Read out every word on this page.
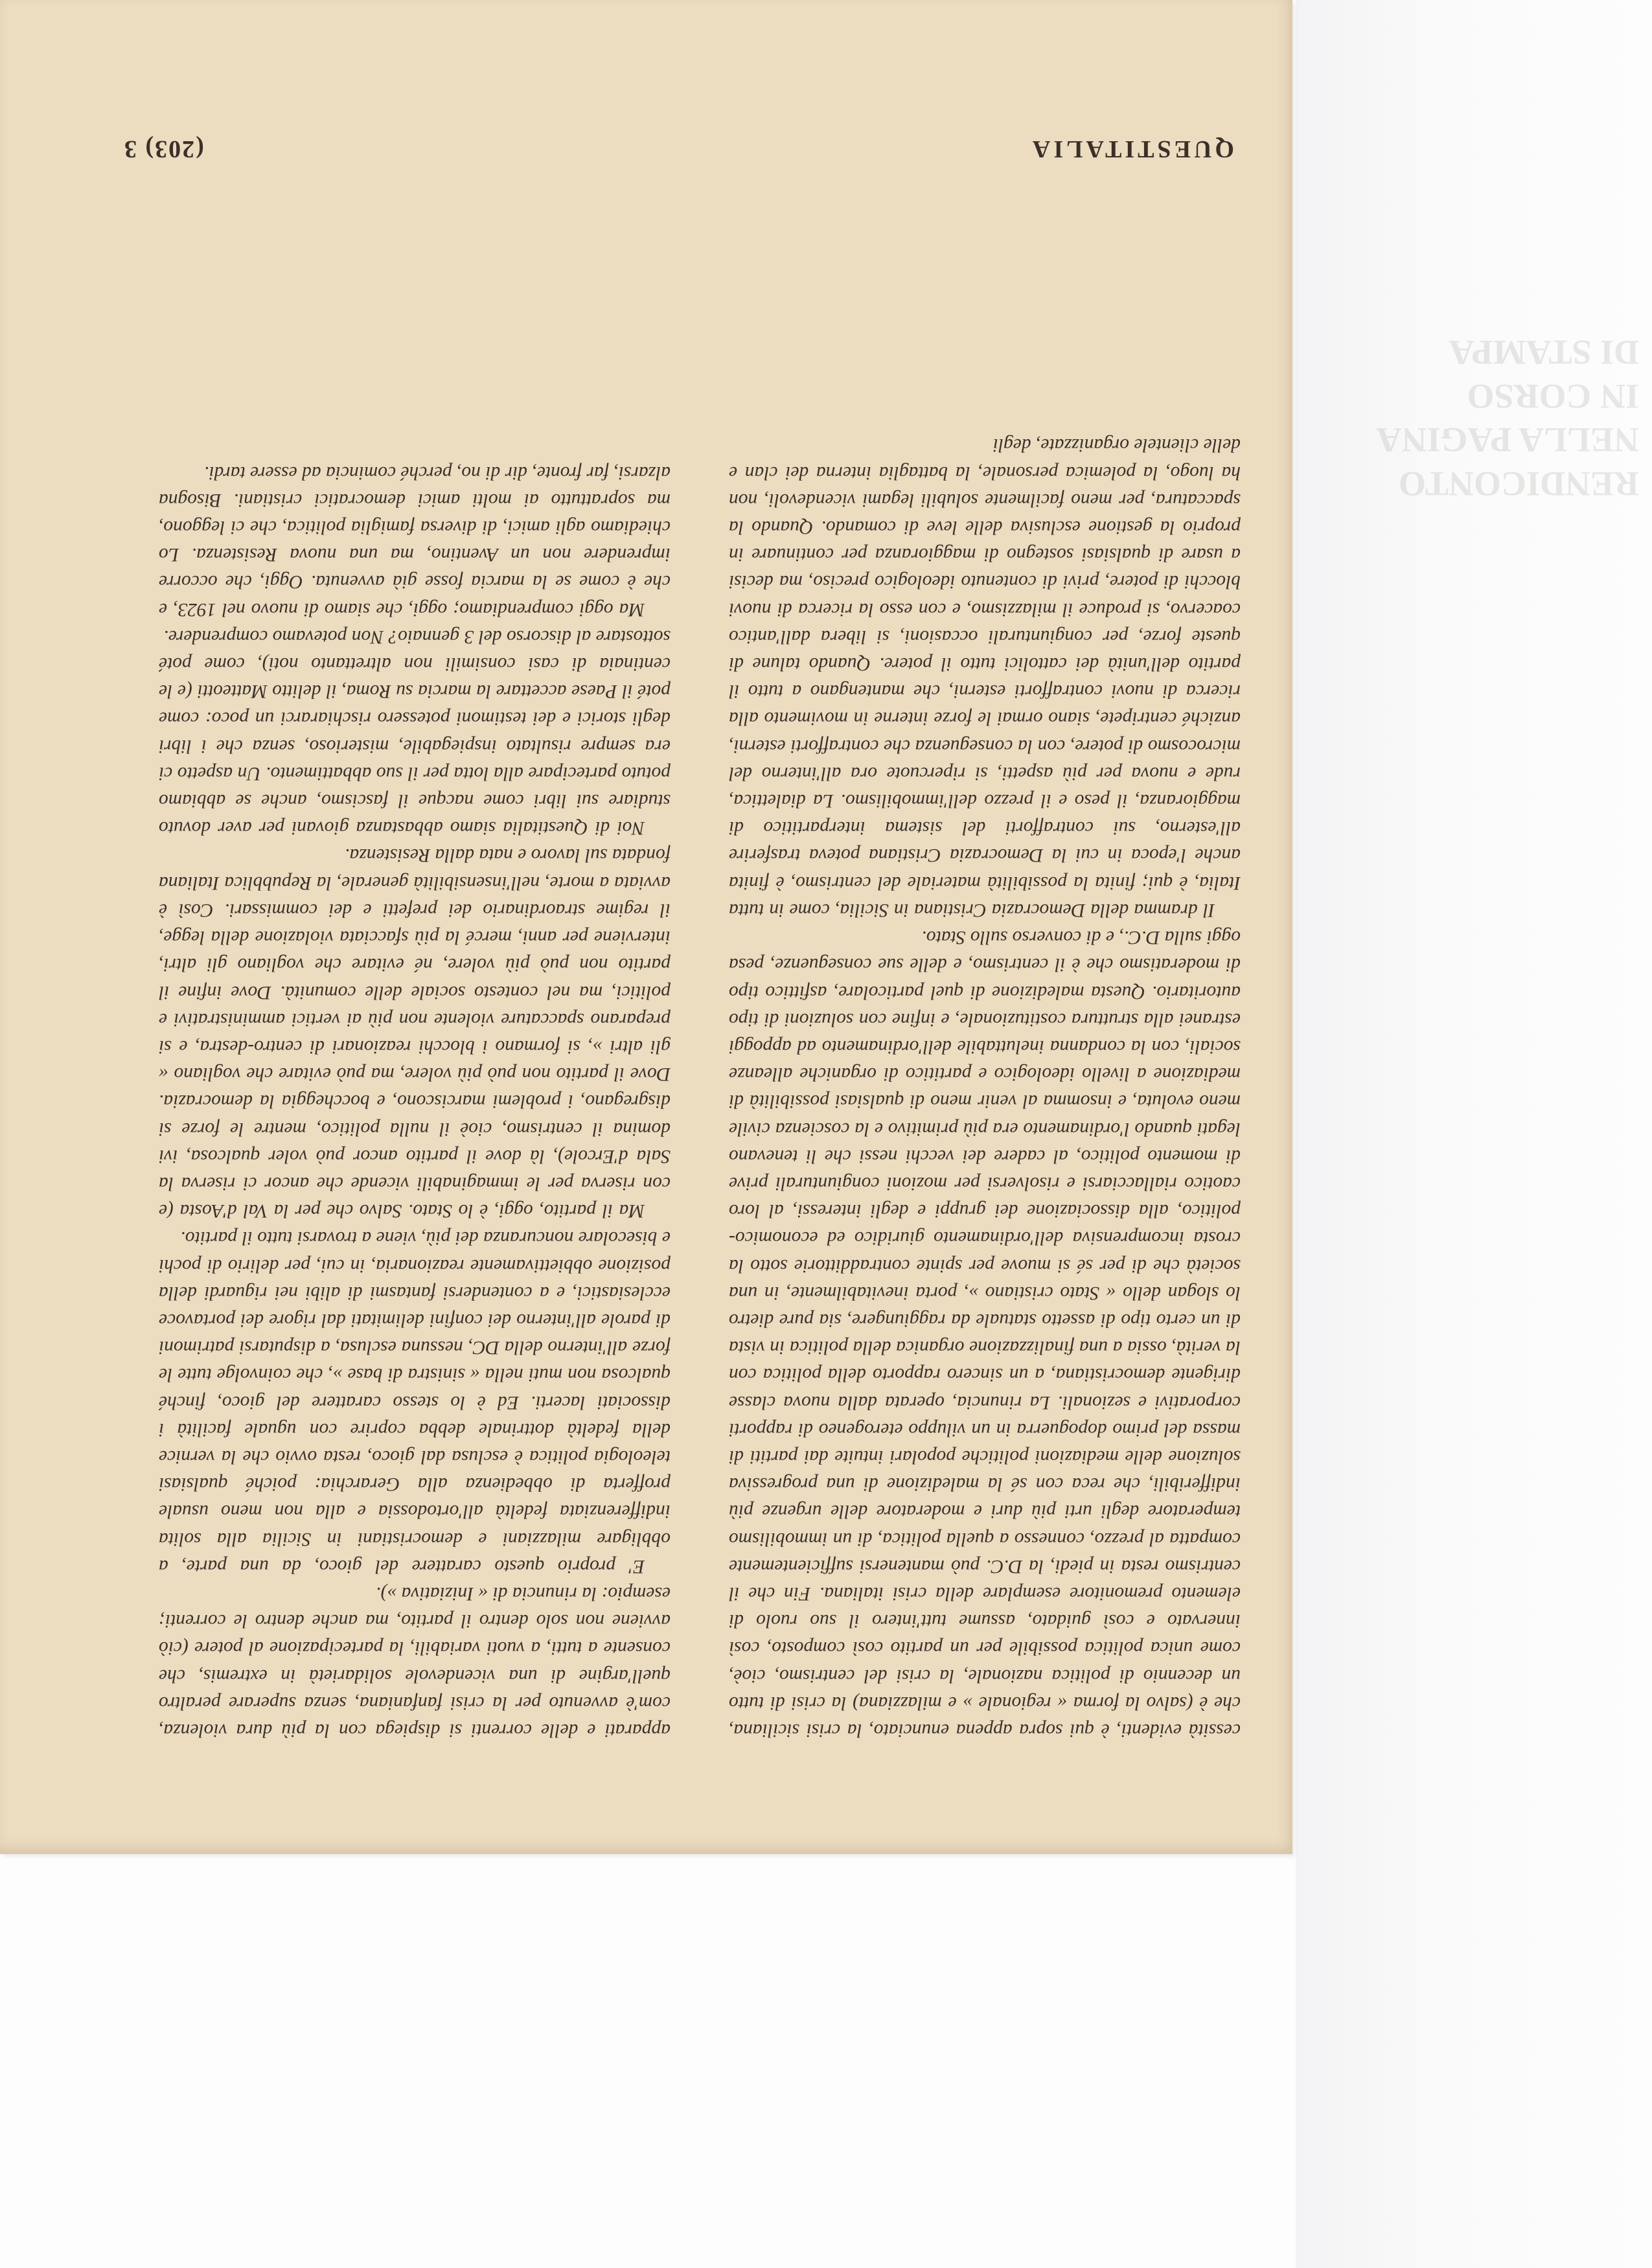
RENDICONTO
NELLA PAGINA
IN CORSO
DI STAMPA
QUESTITALIA
(203) 3

cessità evidenti, è qui sopra appena enunciato, la crisi siciliana, che è (salvo la forma « regionale » e milazziana) la crisi di tutto un decennio di politica nazionale, la crisi del centrismo, cioè, come unica politica possibile per un partito così composto, così innervato e così guidato, assume tutt'intero il suo ruolo di elemento premonitore esemplare della crisi italiana. Fin che il centrismo resta in piedi, la D.C. può mantenersi sufficientemente compatta al prezzo, connesso a quella politica, di un immobilismo temperatore degli urti più duri e moderatore delle urgenze più indifferibili, che reca con sé la maledizione di una progressiva soluzione delle mediazioni politiche popolari intuite dai partiti di massa del primo dopoguerra in un viluppo eterogeneo di rapporti corporativi e sezionali. La rinuncia, operata dalla nuova classe dirigente democristiana, a un sincero rapporto della politica con la verità, ossia a una finalizzazione organica della politica in vista di un certo tipo di assetto statuale da raggiungere, sia pure dietro lo slogan dello « Stato cristiano », porta inevitabilmente, in una società che di per sé si muove per spinte contraddittorie sotto la crosta incomprensiva dell'ordinamento giuridico ed economico-politico, alla dissociazione dei gruppi e degli interessi, al loro caotico riallacciarsi e risolversi per mozioni congiunturali prive di momento politico, al cadere dei vecchi nessi che li tenevano legati quando l'ordinamento era più primitivo e la coscienza civile meno evoluta, e insomma al venir meno di qualsiasi possibilità di mediazione a livello ideologico e partitico di organiche alleanze sociali, con la condanna ineluttabile dell'ordinamento ad appoggi estranei alla struttura costituzionale, e infine con soluzioni di tipo autoritario. Questa maledizione di quel particolare, asfittico tipo di moderatismo che è il centrismo, e delle sue conseguenze, pesa oggi sulla D.C., e di converso sullo Stato.

Il dramma della Democrazia Cristiana in Sicilia, come in tutta Italia, è qui; finita la possibilità materiale del centrismo, è finita anche l'epoca in cui la Democrazia Cristiana poteva trasferire all'esterno, sui contrafforti del sistema interpartitico di maggioranza, il peso e il prezzo dell'immobilismo. La dialettica, rude e nuova per più aspetti, si ripercuote ora all'interno del microcosmo di potere, con la conseguenza che contrafforti esterni, anziché centripete, siano ormai le forze interne in movimento alla ricerca di nuovi contrafforti esterni, che mantengano a tutto il partito dell'unità dei cattolici tutto il potere. Quando talune di queste forze, per congiunturali occasioni, si libera dall'antico coacervo, si produce il milazzismo, e con esso la ricerca di nuovi blocchi di potere, privi di contenuto ideologico preciso, ma decisi a usare di qualsiasi sostegno di maggioranza per continuare in proprio la gestione esclusiva delle leve di comando. Quando la spaccatura, per meno facilmente solubili legami vicendevoli, non ha luogo, la polemica personale, la battaglia interna dei clan e delle clientele organizzate, degli

apparati e delle correnti si dispiega con la più dura violenza, com'è avvenuto per la crisi fanfaniana, senza superare peraltro quell'argine di una vicendevole solidarietà in extremis, che consente a tutti, a vuoti variabili, la partecipazione al potere (ciò avviene non solo dentro il partito, ma anche dentro le correnti; esempio: la rinuncia di « Iniziativa »).

E' proprio questo carattere del gioco, da una parte, a obbligare milazziani e democristiani in Sicilia alla solita indifferenziata fedeltà all'ortodossia e alla non meno usuale profferta di obbedienza alla Gerarchia: poiché qualsiasi teleologia politica è esclusa dal gioco, resta ovvio che la vernice della fedeltà dottrinale debba coprire con uguale facilità i dissociati lacerti. Ed è lo stesso carattere del gioco, finché qualcosa non muti nella « sinistra di base », che coinvolge tutte le forze all'interno della DC, nessuna esclusa, a disputarsi patrimoni di parole all'interno dei confini delimitati dal rigore dei portavoce ecclesiastici, e a contendersi fantasmi di alibi nei riguardi della posizione obbiettivamente reazionaria, in cui, per delirio di pochi e bisecolare noncuranza dei più, viene a trovarsi tutto il partito.

Ma il partito, oggi, è lo Stato. Salvo che per la Val d'Aosta (e con riserva per le immaginabili vicende che ancor ci riserva la Sala d'Ercole), là dove il partito ancor può voler qualcosa, ivi domina il centrismo, cioè il nulla politico, mentre le forze si disgregano, i problemi marciscono, e boccheggia la democrazia. Dove il partito non può più volere, ma può evitare che vogliano « gli altri », si formano i blocchi reazionari di centro-destra, e si preparano spaccature violente non più ai vertici amministrativi e politici, ma nel contesto sociale delle comunità. Dove infine il partito non può più volere, né evitare che vogliano gli altri, interviene per anni, mercé la più sfacciata violazione della legge, il regime straordinario dei prefetti e dei commissari. Così è avviata a morte, nell'insensibilità generale, la Repubblica Italiana fondata sul lavoro e nata dalla Resistenza.

Noi di Questitalia siamo abbastanza giovani per aver dovuto studiare sui libri come nacque il fascismo, anche se abbiamo potuto partecipare alla lotta per il suo abbattimento. Un aspetto ci era sempre risultato inspiegabile, misterioso, senza che i libri degli storici e dei testimoni potessero rischiararci un poco: come poté il Paese accettare la marcia su Roma, il delitto Matteotti (e le centinaia di casi consimili non altrettanto noti), come poté sottostare al discorso del 3 gennaio? Non potevamo comprendere.

Ma oggi comprendiamo; oggi, che siamo di nuovo nel 1923, e che è come se la marcia fosse già avvenuta. Oggi, che occorre imprendere non un Aventino, ma una nuova Resistenza. Lo chiediamo agli amici, di diversa famiglia politica, che ci leggono, ma soprattutto ai molti amici democratici cristiani. Bisogna alzarsi, far fronte, dir di no, perché comincia ad essere tardi.
